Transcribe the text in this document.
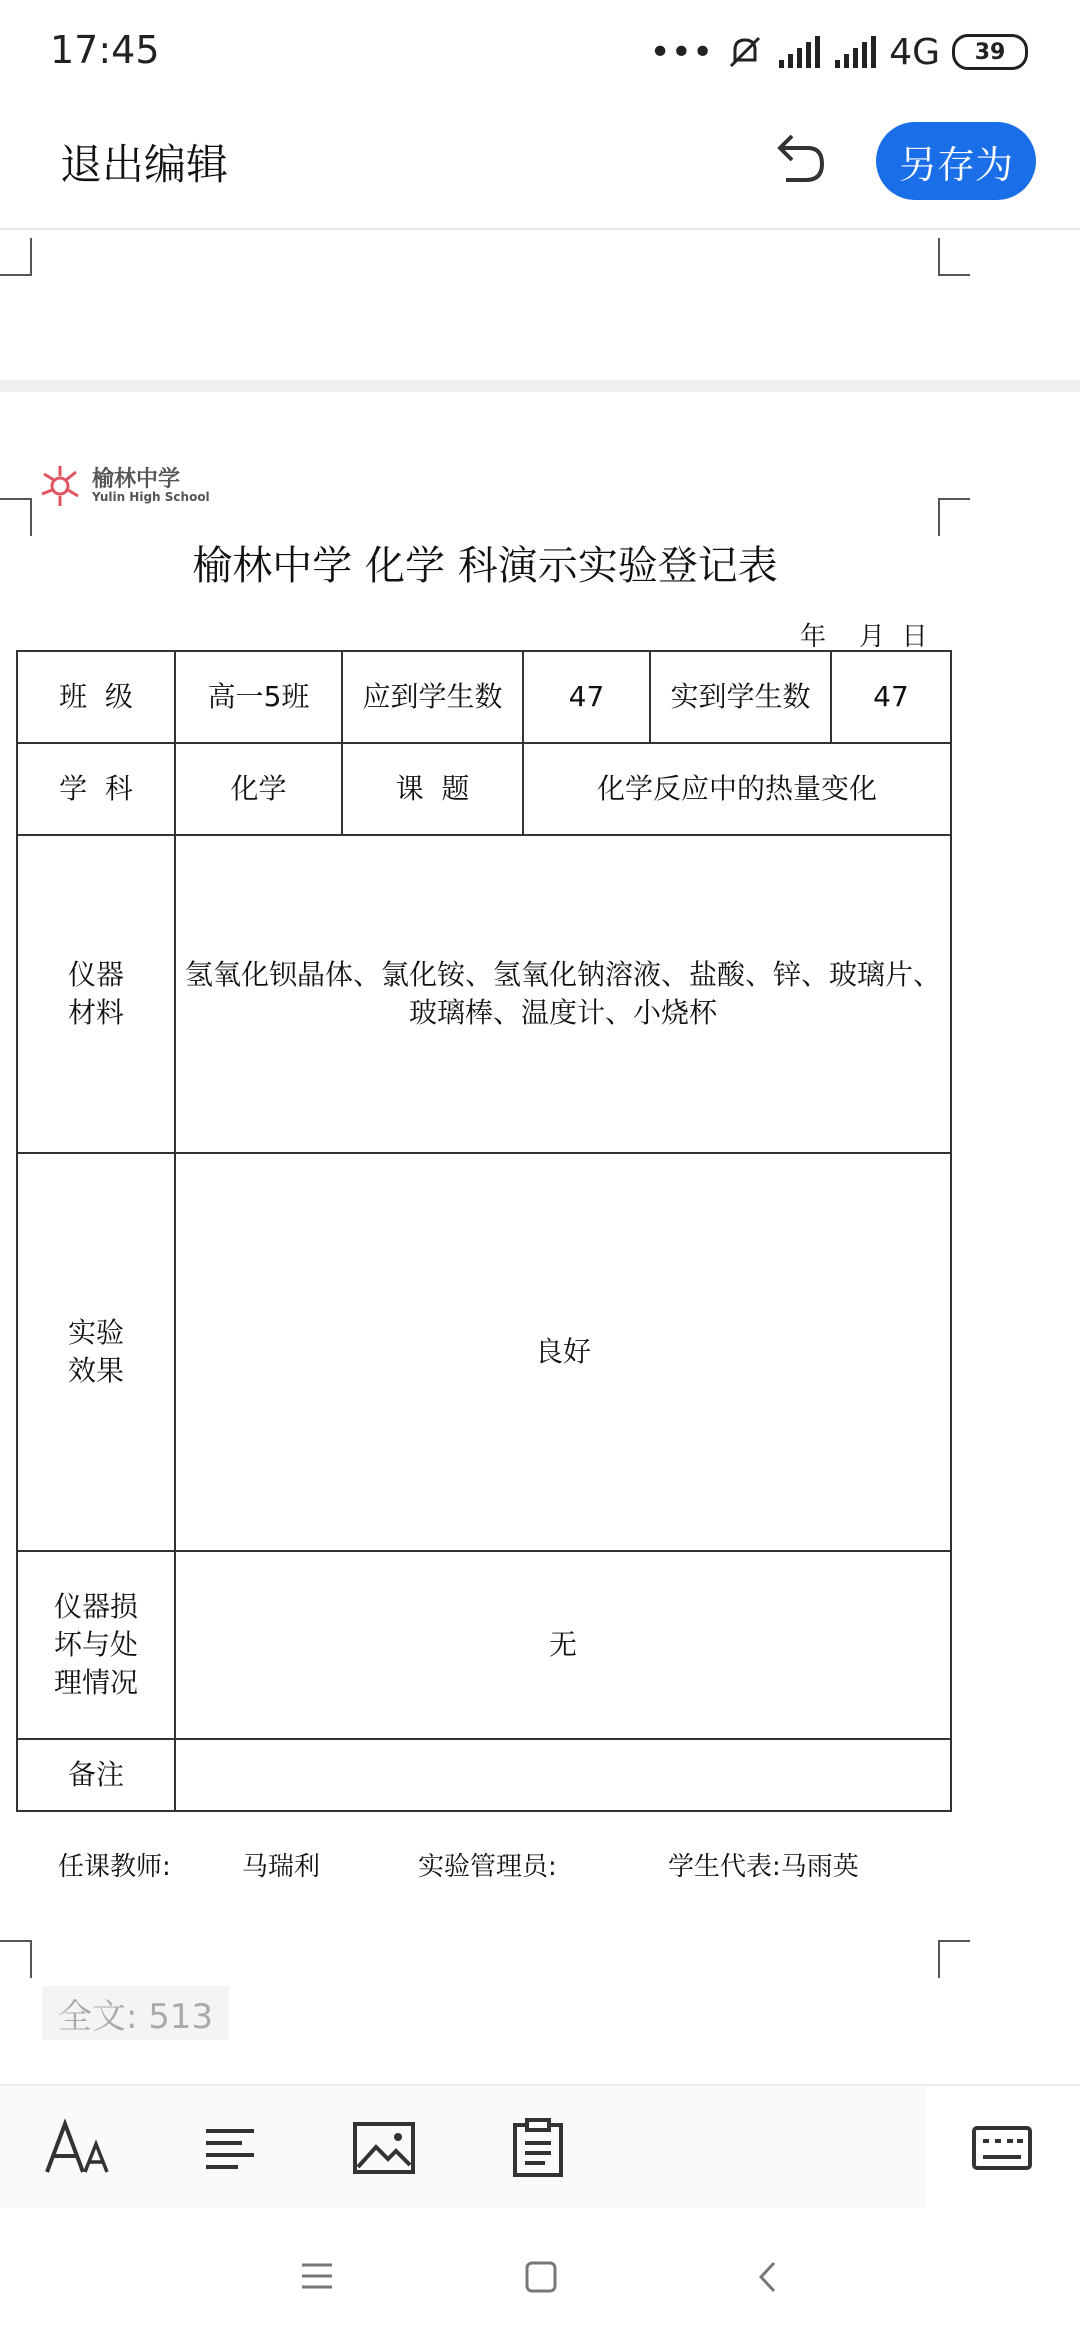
17:45	•••	4G 39
退出编辑	另存为
榆林中学
Yulin High School
榆林中学 化学 科演示实验登记表
年    月  日
班  级	高一5班	应到学生数	47	实到学生数	47
学  科	化学	课  题	化学反应中的热量变化		
仪器
材料	氢氧化钡晶体、氯化铵、氢氧化钠溶液、盐酸、锌、玻璃片、玻璃棒、温度计、小烧杯				
实验
效果	良好				
仪器损
坏与处
理情况	无				
备注					
任课教师:	马瑞利	实验管理员:	学生代表:马雨英
全文: 513
